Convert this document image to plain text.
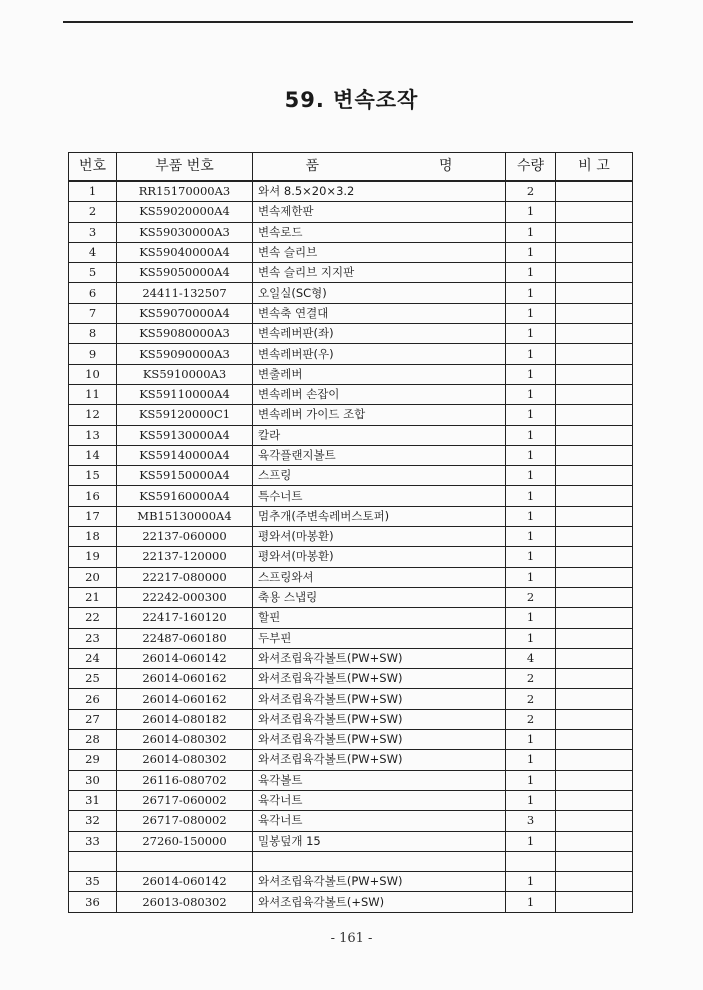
59. 변속조작
번호	부품 번호	품 명	수량	비 고
1	RR15170000A3	와셔 8.5×20×3.2	2	
2	KS59020000A4	변속제한판	1	
3	KS59030000A3	변속로드	1	
4	KS59040000A4	변속 슬리브	1	
5	KS59050000A4	변속 슬리브 지지판	1	
6	24411-132507	오일실(SC형)	1	
7	KS59070000A4	변속축 연결대	1	
8	KS59080000A3	변속레버판(좌)	1	
9	KS59090000A3	변속레버판(우)	1	
10	KS5910000A3	변출레버	1	
11	KS59110000A4	변속레버 손잡이	1	
12	KS59120000C1	변속레버 가이드 조합	1	
13	KS59130000A4	칼라	1	
14	KS59140000A4	육각플랜지볼트	1	
15	KS59150000A4	스프링	1	
16	KS59160000A4	특수너트	1	
17	MB15130000A4	멈추개(주변속레버스토퍼)	1	
18	22137-060000	평와셔(마봉환)	1	
19	22137-120000	평와셔(마봉환)	1	
20	22217-080000	스프링와셔	1	
21	22242-000300	축용 스냅링	2	
22	22417-160120	할핀	1	
23	22487-060180	두부핀	1	
24	26014-060142	와셔조립육각볼트(PW+SW)	4	
25	26014-060162	와셔조립육각볼트(PW+SW)	2	
26	26014-060162	와셔조립육각볼트(PW+SW)	2	
27	26014-080182	와셔조립육각볼트(PW+SW)	2	
28	26014-080302	와셔조립육각볼트(PW+SW)	1	
29	26014-080302	와셔조립육각볼트(PW+SW)	1	
30	26116-080702	육각볼트	1	
31	26717-060002	육각너트	1	
32	26717-080002	육각너트	3	
33	27260-150000	밀봉덮개 15	1	

35	26014-060142	와셔조립육각볼트(PW+SW)	1	
36	26013-080302	와셔조립육각볼트(+SW)	1	
- 161 -
